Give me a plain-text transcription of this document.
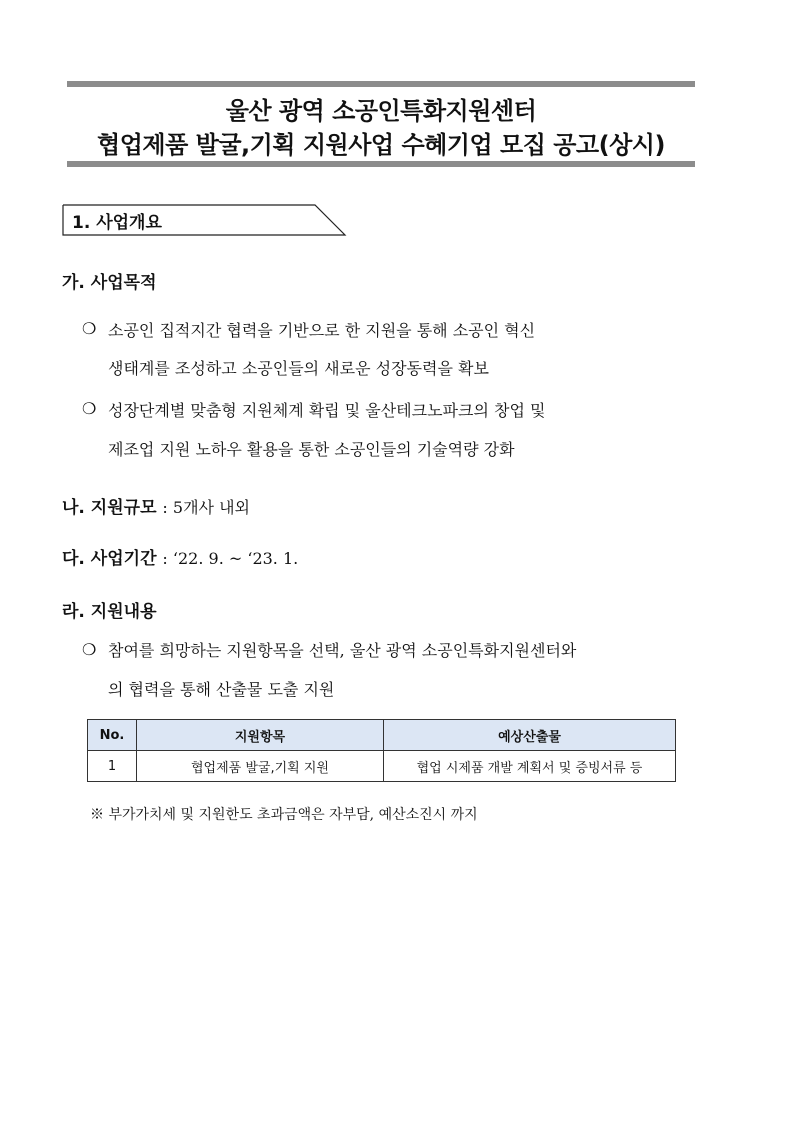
울산 광역 소공인특화지원센터
협업제품 발굴,기획 지원사업 수혜기업 모집 공고(상시)
1. 사업개요
가. 사업목적
❍ 소공인 집적지간 협력을 기반으로 한 지원을 통해 소공인 혁신
생태계를 조성하고 소공인들의 새로운 성장동력을 확보
❍ 성장단계별 맞춤형 지원체계 확립 및 울산테크노파크의 창업 및
제조업 지원 노하우 활용을 통한 소공인들의 기술역량 강화
나. 지원규모 : 5개사 내외
다. 사업기간 : ‘22. 9. ~ ‘23. 1.
라. 지원내용
❍ 참여를 희망하는 지원항목을 선택, 울산 광역 소공인특화지원센터와
의 협력을 통해 산출물 도출 지원
No.	지원항목	예상산출물
1	협업제품 발굴,기획 지원	협업 시제품 개발 계획서 및 증빙서류 등
※ 부가가치세 및 지원한도 초과금액은 자부담, 예산소진시 까지
